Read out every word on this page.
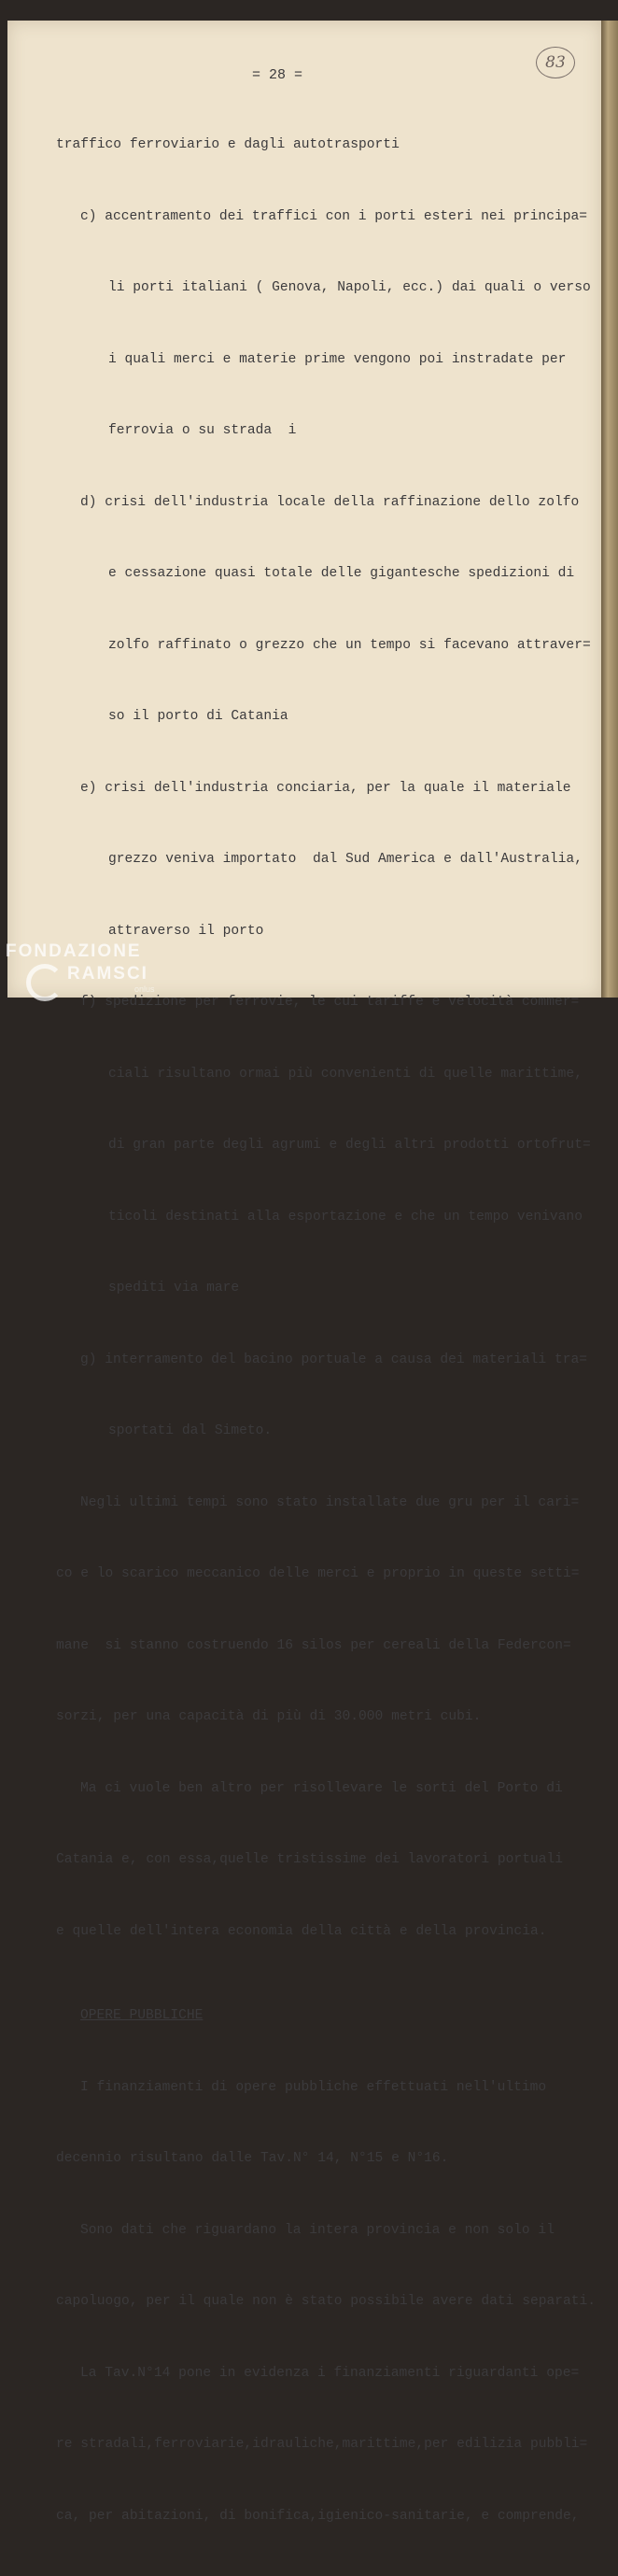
= 28 =
83

traffico ferroviario e dagli autotrasporti

c) accentramento dei traffici con i porti esteri nei principa=

li porti italiani ( Genova, Napoli, ecc.) dai quali o verso

i quali merci e materie prime vengono poi instradate per

ferrovia o su strada  i

d) crisi dell'industria locale della raffinazione dello zolfo

e cessazione quasi totale delle gigantesche spedizioni di

zolfo raffinato o grezzo che un tempo si facevano attraver=

so il porto di Catania

e) crisi dell'industria conciaria, per la quale il materiale

grezzo veniva importato  dal Sud America e dall'Australia,

attraverso il porto

f) spedizione per ferrovie, le cui tariffe e velocità commer=

ciali risultano ormai più convenienti di quelle marittime,

di gran parte degli agrumi e degli altri prodotti ortofrut=

ticoli destinati alla esportazione e che un tempo venivano

spediti via mare

g) interramento del bacino portuale a causa dei materiali tra=

sportati dal Simeto.

Negli ultimi tempi sono stato installate due gru per il cari=

co e lo scarico meccanico delle merci e proprio in queste setti=

mane  si stanno costruendo 16 silos per cereali della Federcon=

sorzi, per una capacità di più di 30.000 metri cubi.

Ma ci vuole ben altro per risollevare le sorti del Porto di

Catania e, con essa,quelle tristissime dei lavoratori portuali

e quelle dell'intera economia della città e della provincia.

OPERE PUBBLICHE

I finanziamenti di opere pubbliche effettuati nell'ultimo

decennio risultano dalle Tav.N° 14, N°15 e N°16.

Sono dati che riguardano la intera provincia e non solo il

capoluogo, per il quale non è stato possibile avere dati separati.

La Tav.N°14 pone in evidenza i finanziamenti riguardanti ope=

re stradali,ferroviarie,idrauliche,marittime,per edilizia pubbli=

ca, per abitazioni, di bonifica,igienico-sanitarie, e comprende,

FONDAZIONE
RAMSCI
onlus
